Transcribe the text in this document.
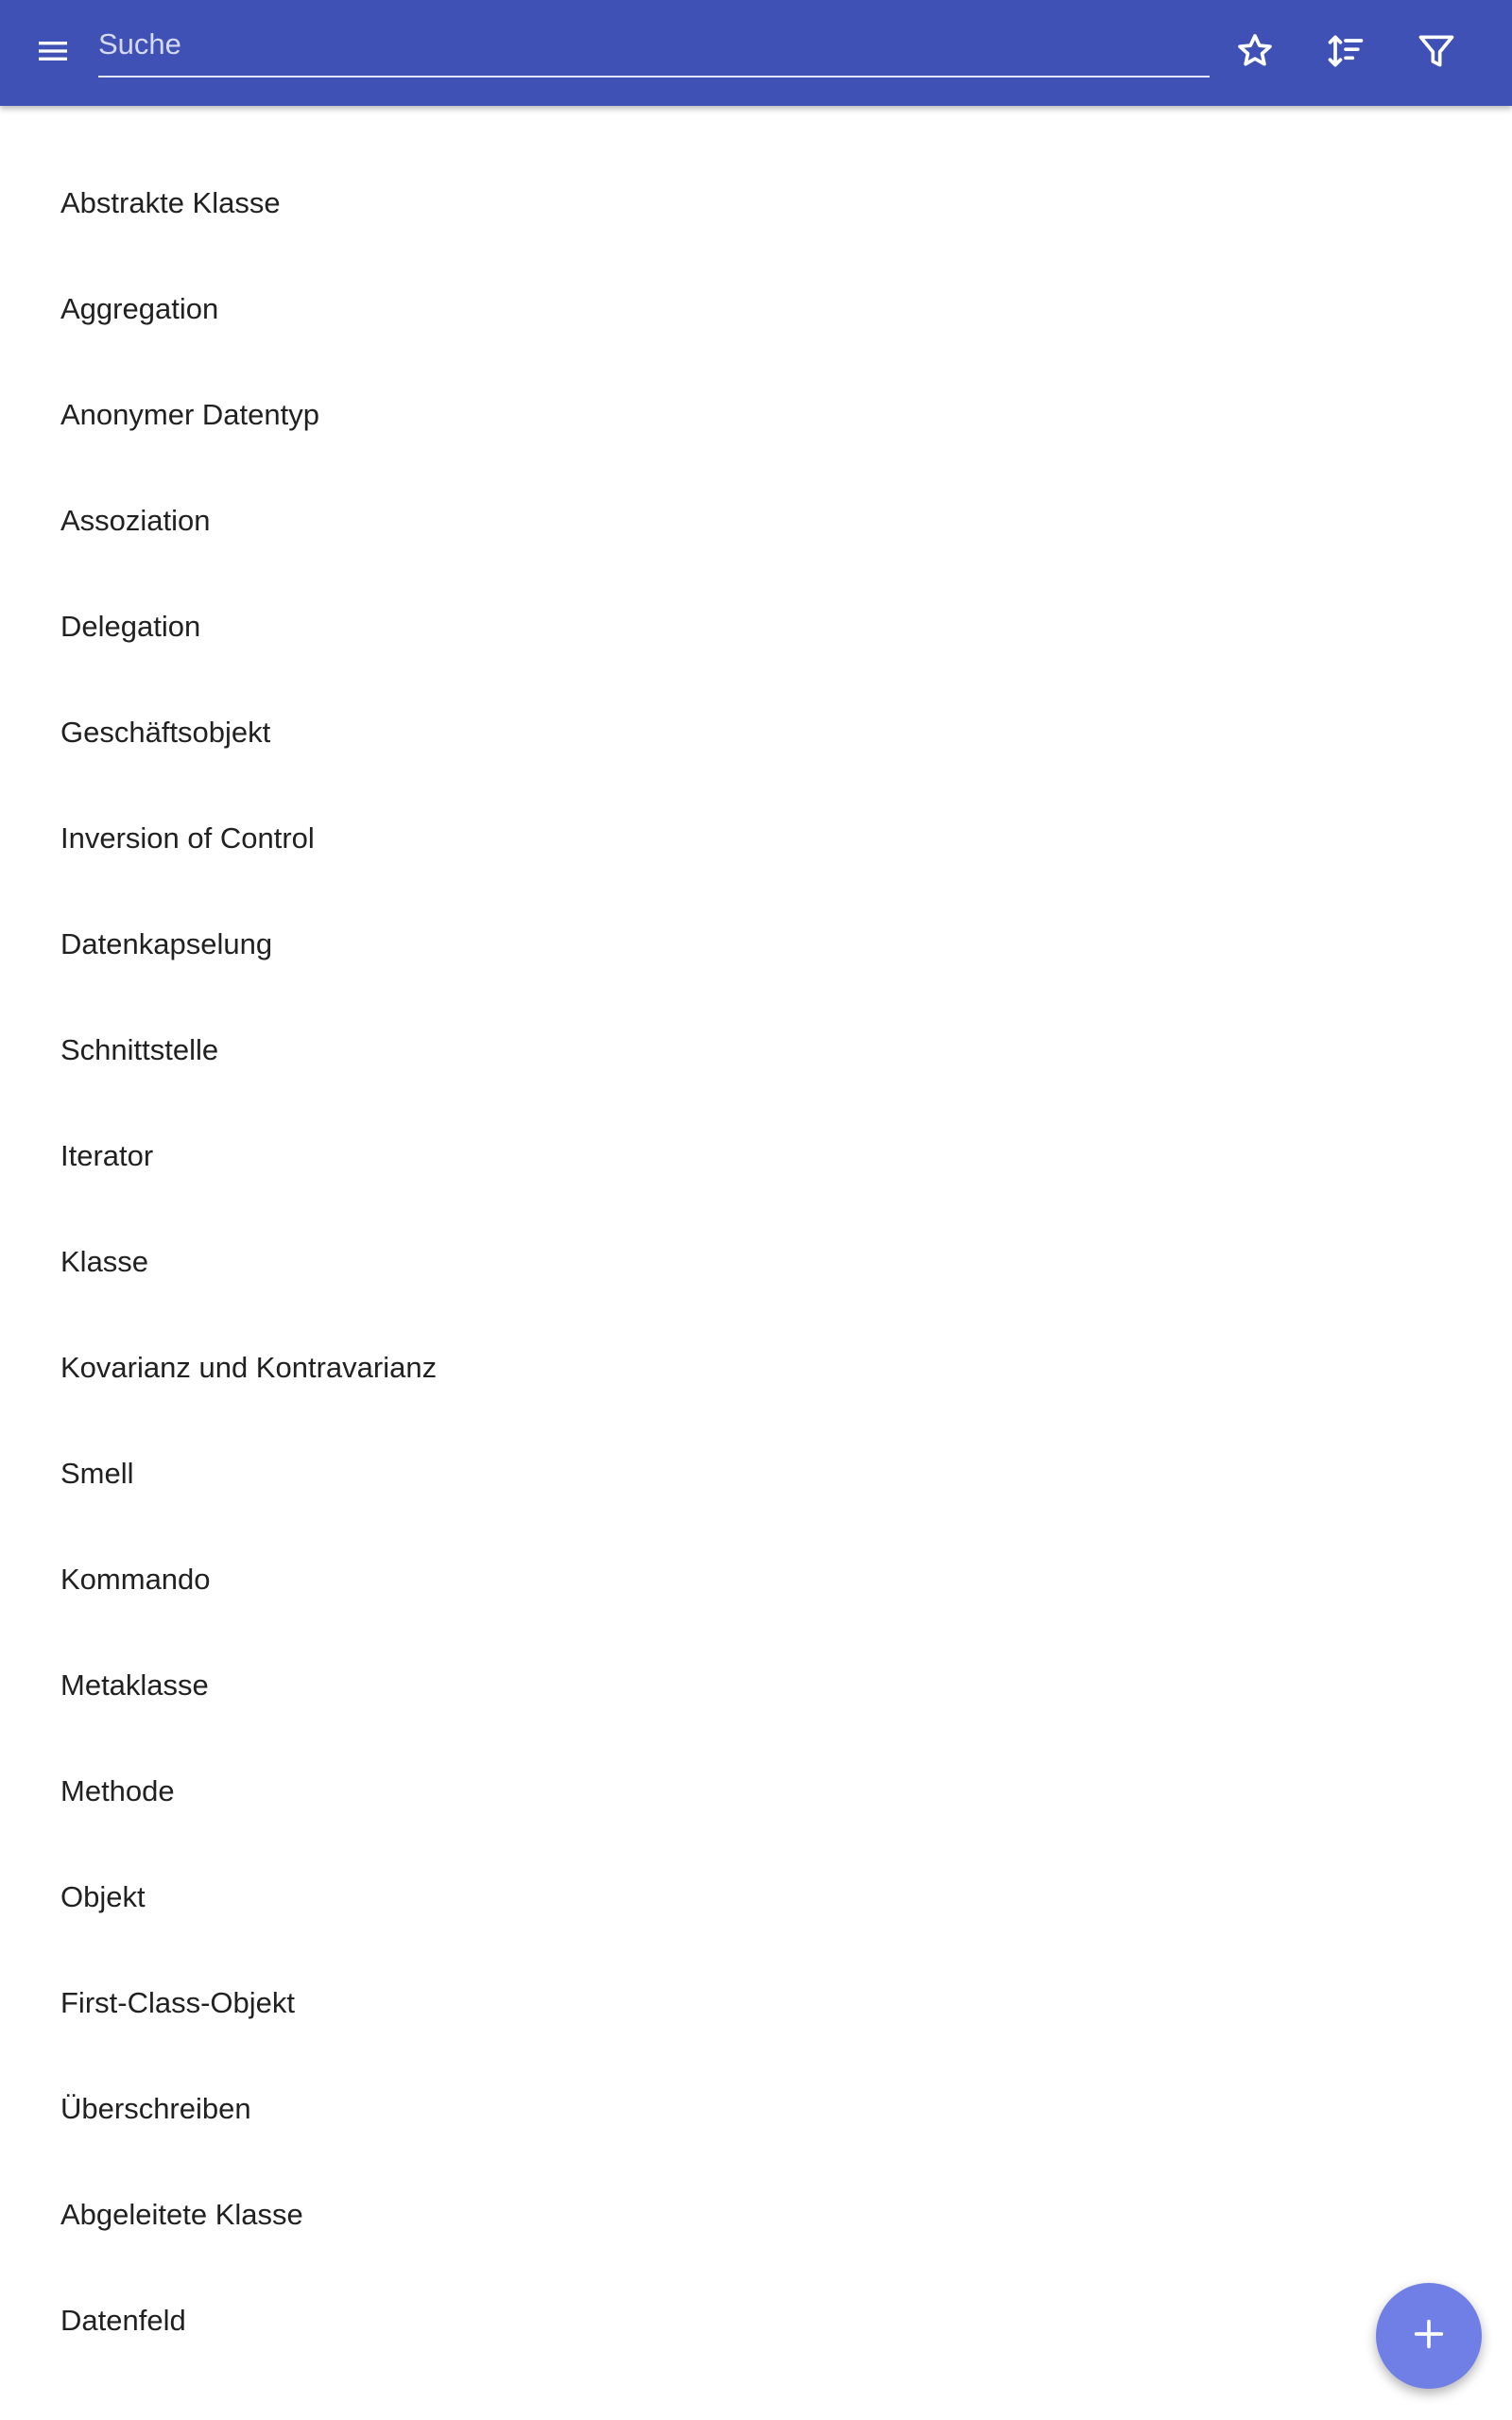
Suche
Abstrakte Klasse
Aggregation
Anonymer Datentyp
Assoziation
Delegation
Geschäftsobjekt
Inversion of Control
Datenkapselung
Schnittstelle
Iterator
Klasse
Kovarianz und Kontravarianz
Smell
Kommando
Metaklasse
Methode
Objekt
First-Class-Objekt
Überschreiben
Abgeleitete Klasse
Datenfeld
